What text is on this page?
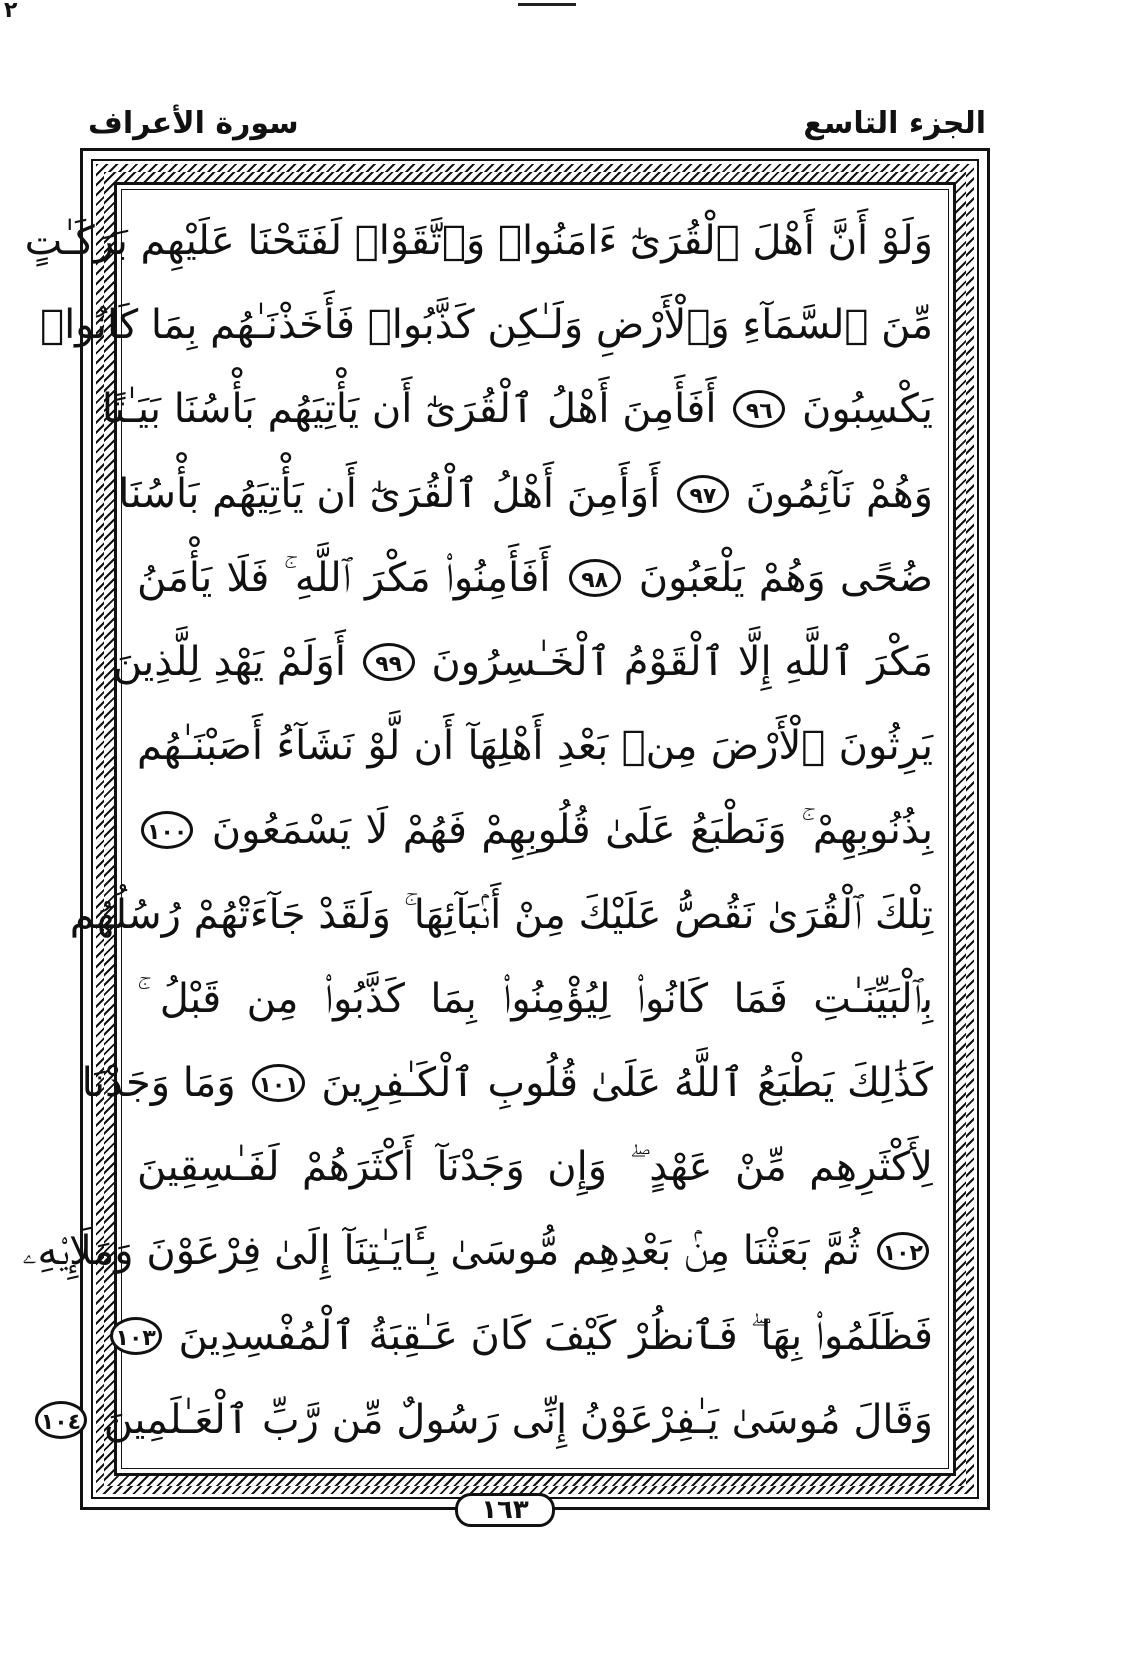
٢
سورة الأعراف	الجزء التاسع
وَلَوْ أَنَّ أَهْلَ ٱلْقُرَىٰٓ ءَامَنُوا۟ وَٱتَّقَوْا۟ لَفَتَحْنَا عَلَيْهِم بَرَكَـٰتٍ
مِّنَ ٱلسَّمَآءِ وَٱلْأَرْضِ وَلَـٰكِن كَذَّبُوا۟ فَأَخَذْنَـٰهُم بِمَا كَانُوا۟
يَكْسِبُونَ ٩٦ أَفَأَمِنَ أَهْلُ ٱلْقُرَىٰٓ أَن يَأْتِيَهُم بَأْسُنَا بَيَـٰتًا
وَهُمْ نَآئِمُونَ ٩٧ أَوَأَمِنَ أَهْلُ ٱلْقُرَىٰٓ أَن يَأْتِيَهُم بَأْسُنَا
ضُحًى وَهُمْ يَلْعَبُونَ ٩٨ أَفَأَمِنُوا۟ مَكْرَ ٱللَّهِ ۚ فَلَا يَأْمَنُ
مَكْرَ ٱللَّهِ إِلَّا ٱلْقَوْمُ ٱلْخَـٰسِرُونَ ٩٩ أَوَلَمْ يَهْدِ لِلَّذِينَ
يَرِثُونَ ٱلْأَرْضَ مِنۢ بَعْدِ أَهْلِهَآ أَن لَّوْ نَشَآءُ أَصَبْنَـٰهُم
بِذُنُوبِهِمْ ۚ وَنَطْبَعُ عَلَىٰ قُلُوبِهِمْ فَهُمْ لَا يَسْمَعُونَ ١٠٠
تِلْكَ ٱلْقُرَىٰ نَقُصُّ عَلَيْكَ مِنْ أَنۢبَآئِهَا ۚ وَلَقَدْ جَآءَتْهُمْ رُسُلُهُم
بِٱلْبَيِّنَـٰتِ فَمَا كَانُوا۟ لِيُؤْمِنُوا۟ بِمَا كَذَّبُوا۟ مِن قَبْلُ ۚ
كَذَٰلِكَ يَطْبَعُ ٱللَّهُ عَلَىٰ قُلُوبِ ٱلْكَـٰفِرِينَ ١٠١ وَمَا وَجَدْنَا
لِأَكْثَرِهِم مِّنْ عَهْدٍ ۖ وَإِن وَجَدْنَآ أَكْثَرَهُمْ لَفَـٰسِقِينَ
١٠٢ ثُمَّ بَعَثْنَا مِنۢ بَعْدِهِم مُّوسَىٰ بِـَٔايَـٰتِنَآ إِلَىٰ فِرْعَوْنَ وَمَلَإِي۟هِۦ
فَظَلَمُوا۟ بِهَا ۖ فَٱنظُرْ كَيْفَ كَانَ عَـٰقِبَةُ ٱلْمُفْسِدِينَ ١٠٣
وَقَالَ مُوسَىٰ يَـٰفِرْعَوْنُ إِنِّى رَسُولٌ مِّن رَّبِّ ٱلْعَـٰلَمِينَ ١٠٤
١٦٣
